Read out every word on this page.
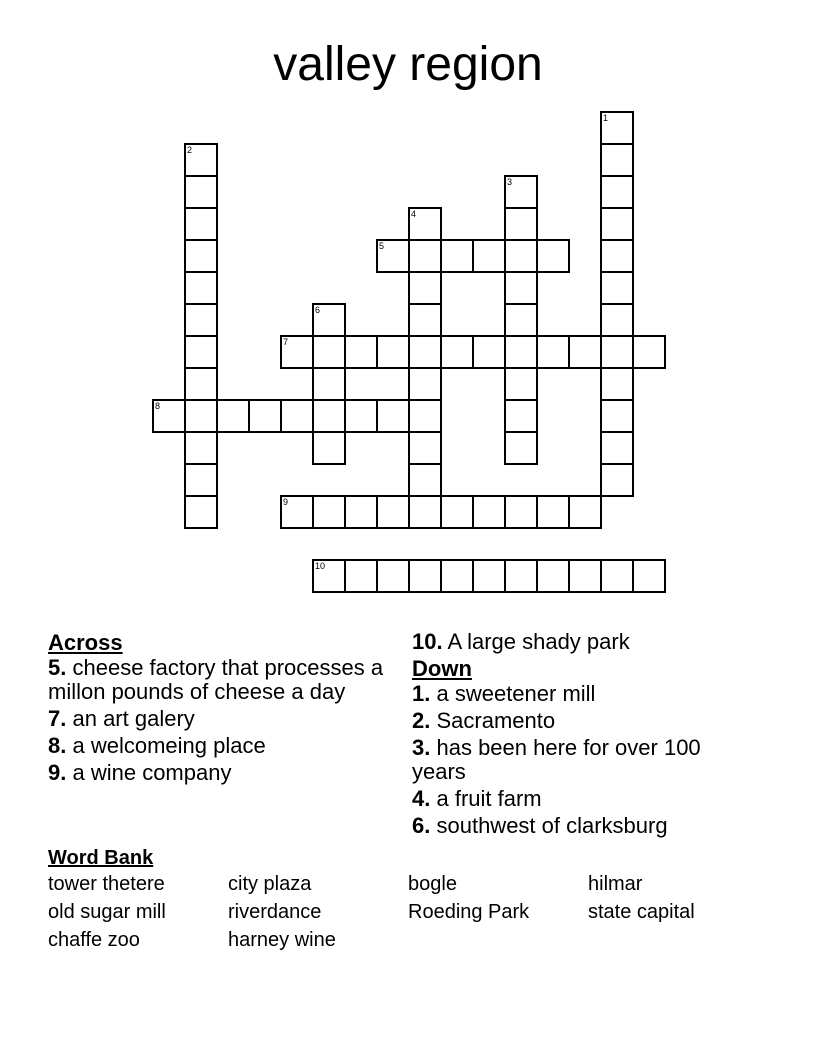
valley region
1
2
3
4
5
6
7
8
9
10
Across
5. cheese factory that processes a millon pounds of cheese a day
7. an art galery
8. a welcomeing place
9. a wine company
10. A large shady park
Down
1. a sweetener mill
2. Sacramento
3. has been here for over 100 years
4. a fruit farm
6. southwest of clarksburg
Word Bank
tower thetere	city plaza	bogle	hilmar
old sugar mill	riverdance	Roeding Park	state capital
chaffe zoo	harney wine
